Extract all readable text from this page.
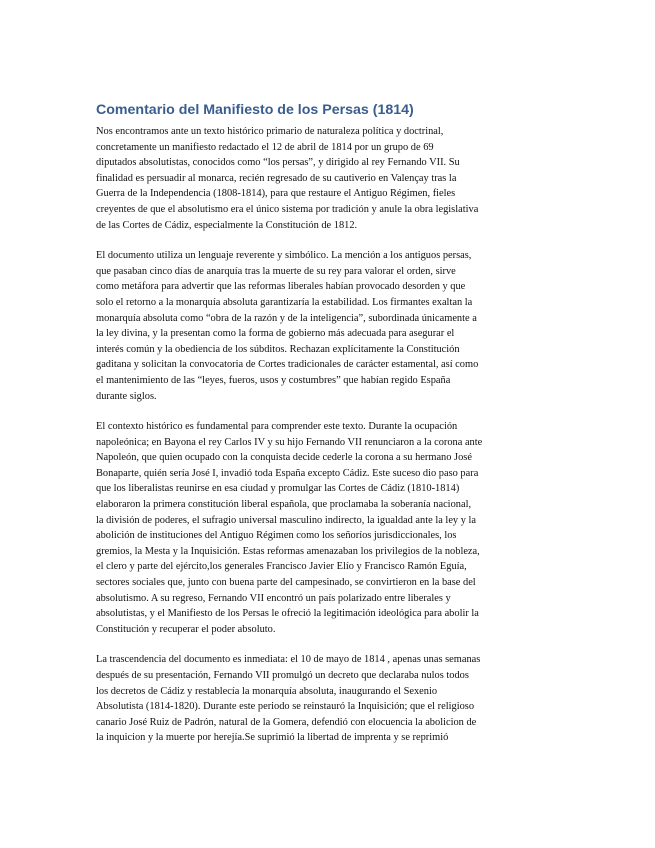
Comentario del Manifiesto de los Persas (1814)
Nos encontramos ante un texto histórico primario de naturaleza política y doctrinal,
concretamente un manifiesto redactado el 12 de abril de 1814 por un grupo de 69
diputados absolutistas, conocidos como “los persas”, y dirigido al rey Fernando VII. Su
finalidad es persuadir al monarca, recién regresado de su cautiverio en Valençay tras la
Guerra de la Independencia (1808-1814), para que restaure el Antiguo Régimen, fieles
creyentes de que el absolutismo era el único sistema por tradición y anule la obra legislativa
de las Cortes de Cádiz, especialmente la Constitución de 1812.
El documento utiliza un lenguaje reverente y simbólico. La mención a los antiguos persas,
que pasaban cinco días de anarquía tras la muerte de su rey para valorar el orden, sirve
como metáfora para advertir que las reformas liberales habían provocado desorden y que
solo el retorno a la monarquía absoluta garantizaría la estabilidad. Los firmantes exaltan la
monarquía absoluta como “obra de la razón y de la inteligencia”, subordinada únicamente a
la ley divina, y la presentan como la forma de gobierno más adecuada para asegurar el
interés común y la obediencia de los súbditos. Rechazan explícitamente la Constitución
gaditana y solicitan la convocatoria de Cortes tradicionales de carácter estamental, así como
el mantenimiento de las “leyes, fueros, usos y costumbres” que habían regido España
durante siglos.
El contexto histórico es fundamental para comprender este texto. Durante la ocupación
napoleónica; en Bayona el rey Carlos IV y su hijo Fernando VII renunciaron a la corona ante
Napoleón, que quien ocupado con la conquista decide cederle la corona a su hermano José
Bonaparte, quién sería José I, invadió toda España excepto Cádiz. Este suceso dio paso para
que los liberalistas reunirse en esa ciudad y promulgar las Cortes de Cádiz (1810-1814)
elaboraron la primera constitución liberal española, que proclamaba la soberanía nacional,
la división de poderes, el sufragio universal masculino indirecto, la igualdad ante la ley y la
abolición de instituciones del Antiguo Régimen como los señoríos jurisdiccionales, los
gremios, la Mesta y la Inquisición. Estas reformas amenazaban los privilegios de la nobleza,
el clero y parte del ejército,los generales Francisco Javier Elío y Francisco Ramón Eguía,
sectores sociales que, junto con buena parte del campesinado, se convirtieron en la base del
absolutismo. A su regreso, Fernando VII encontró un país polarizado entre liberales y
absolutistas, y el Manifiesto de los Persas le ofreció la legitimación ideológica para abolir la
Constitución y recuperar el poder absoluto.
La trascendencia del documento es inmediata: el 10 de mayo de 1814 , apenas unas semanas
después de su presentación, Fernando VII promulgó un decreto que declaraba nulos todos
los decretos de Cádiz y restablecía la monarquía absoluta, inaugurando el Sexenio
Absolutista (1814-1820). Durante este periodo se reinstauró la Inquisición; que el religioso
canario José Ruiz de Padrón, natural de la Gomera, defendió con elocuencia la abolicion de
la inquicion y la muerte por herejía.Se suprimió la libertad de imprenta y se reprimió
